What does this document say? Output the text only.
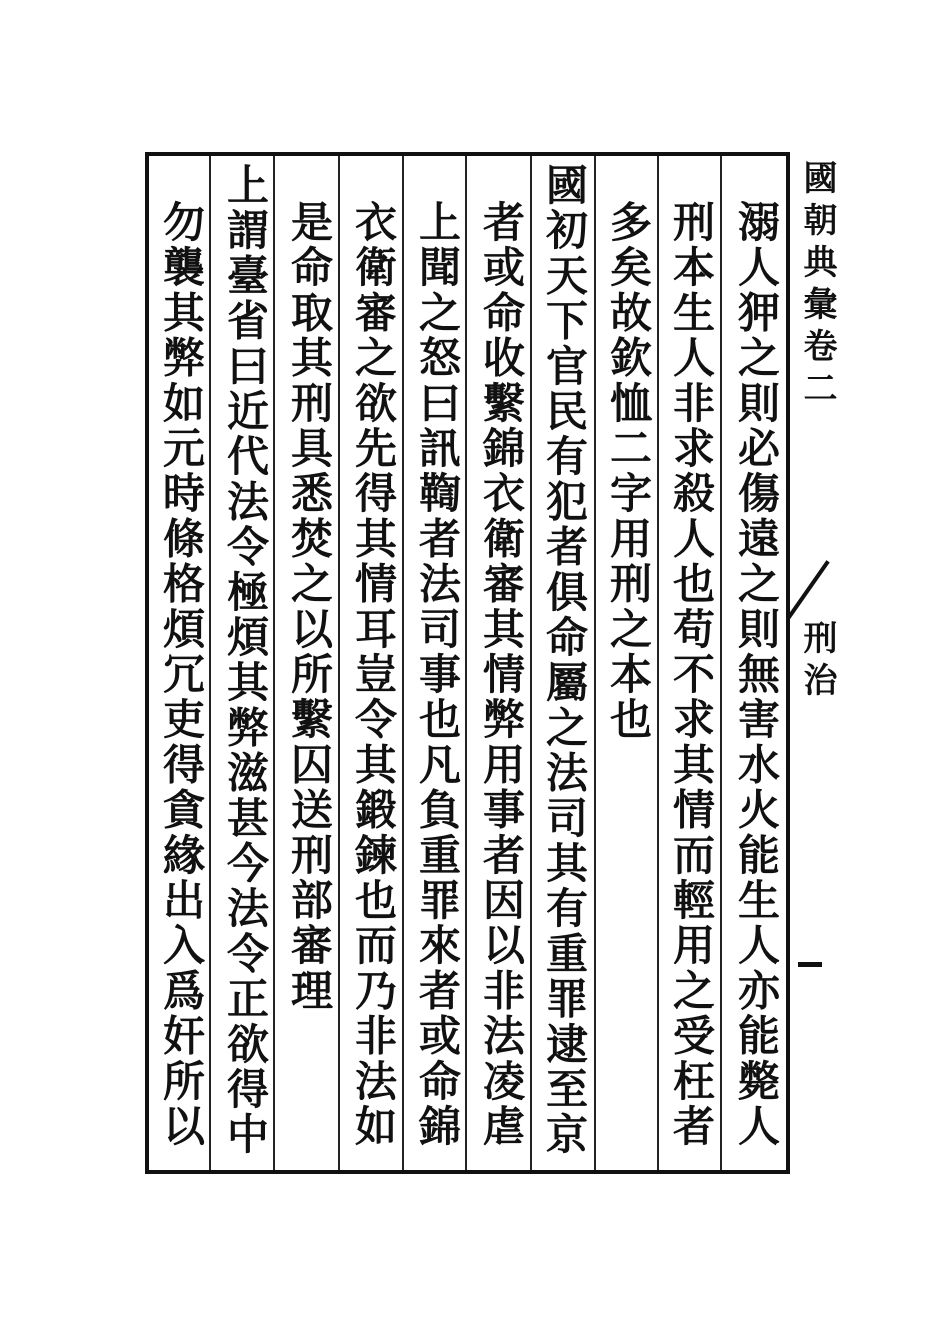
溺人狎之則必傷遠之則無害水火能生人亦能斃人
刑本生人非求殺人也苟不求其情而輕用之受枉者
多矣故欽恤二字用刑之本也
國初天下官民有犯者俱命屬之法司其有重罪逮至京
者或命收繫錦衣衛審其情弊用事者因以非法凌虐
上聞之怒曰訊鞫者法司事也凡負重罪來者或命錦
衣衛審之欲先得其情耳豈令其鍛鍊也而乃非法如
是命取其刑具悉焚之以所繫囚送刑部審理
上謂臺省曰近代法令極煩其弊滋甚今法令正欲得中
勿襲其弊如元時條格煩冗吏得貪緣出入爲奸所以	國朝典彙卷二
刑治
